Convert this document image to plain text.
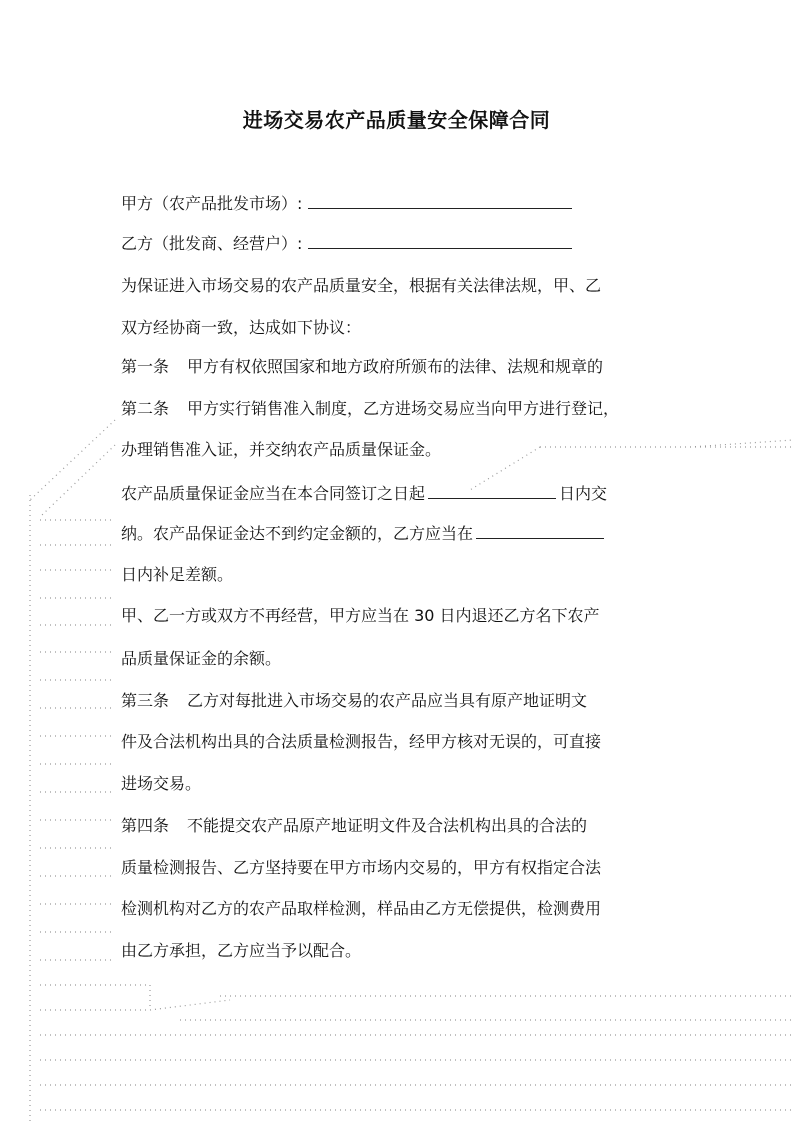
进场交易农产品质量安全保障合同

甲方（农产品批发市场）:

乙方（批发商、经营户）:

为保证进入市场交易的农产品质量安全，根据有关法律法规，甲、乙

双方经协商一致，达成如下协议：

第一条 甲方有权依照国家和地方政府所颁布的法律、法规和规章的

第二条 甲方实行销售准入制度，乙方进场交易应当向甲方进行登记，

办理销售准入证，并交纳农产品质量保证金。

农产品质量保证金应当在本合同签订之日起	日内交

纳。农产品保证金达不到约定金额的，乙方应当在

日内补足差额。

甲、乙一方或双方不再经营，甲方应当在 30 日内退还乙方名下农产

品质量保证金的余额。

第三条 乙方对每批进入市场交易的农产品应当具有原产地证明文

件及合法机构出具的合法质量检测报告，经甲方核对无误的，可直接

进场交易。

第四条 不能提交农产品原产地证明文件及合法机构出具的合法的

质量检测报告、乙方坚持要在甲方市场内交易的，甲方有权指定合法

检测机构对乙方的农产品取样检测，样品由乙方无偿提供，检测费用

由乙方承担，乙方应当予以配合。
